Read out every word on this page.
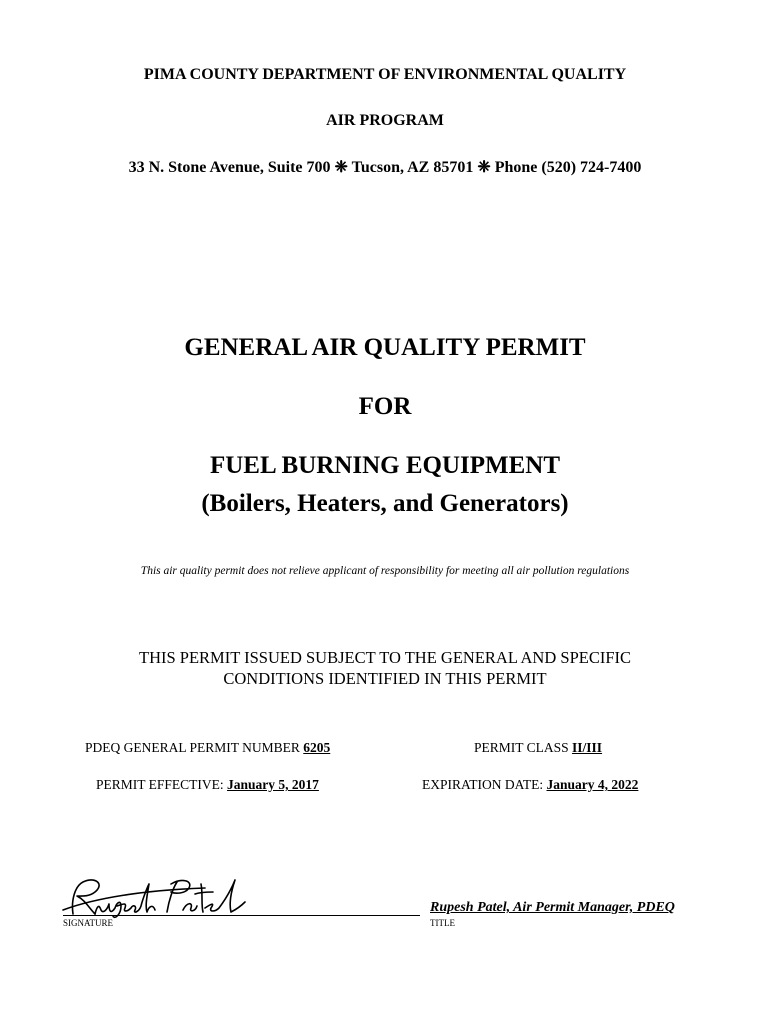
PIMA COUNTY DEPARTMENT OF ENVIRONMENTAL QUALITY
AIR PROGRAM
33 N. Stone Avenue, Suite 700 ❈ Tucson, AZ 85701 ❈ Phone (520) 724-7400
GENERAL AIR QUALITY PERMIT
FOR
FUEL BURNING EQUIPMENT
(Boilers, Heaters, and Generators)
This air quality permit does not relieve applicant of responsibility for meeting all air pollution regulations
THIS PERMIT ISSUED SUBJECT TO THE GENERAL AND SPECIFIC
CONDITIONS IDENTIFIED IN THIS PERMIT
PDEQ GENERAL PERMIT NUMBER 6205	PERMIT CLASS II/III
PERMIT EFFECTIVE: January 5, 2017	EXPIRATION DATE: January 4, 2022
SIGNATURE
Rupesh Patel, Air Permit Manager, PDEQ
TITLE
